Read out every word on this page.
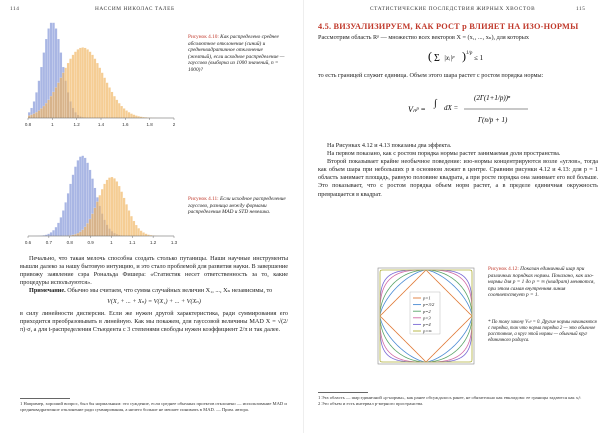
114	НАССИМ НИКОЛАС ТАЛЕБ
0.8	1	1.2	1.4	1.6	1.8	2
0.6	0.7	0.8	0.9	1	1.1	1.2	1.3
Рисунок 4.10: Как распределено среднее абсолютное отклонение (синий) и среднеквадратичное отклонение (желтый), если исходное распределение — гауссово (выборка из 1000 значений, n = 1000)?
Рисунок 4.11: Если исходное распределение гауссово, разница между формами распределения MAD и STD невелика.

Печально, что такая мелочь способна создать столько путаницы. Наши научные инструменты вышли далеко за нашу бытовую интуицию, и это стало проблемой для развития науки. В завершение привожу заявление сэра Рональда Фишера: «Статистик несет ответственность за то, какие процедуры используются».

Примечание. Обычно мы считаем, что сумма случайных величин X₁, ..., Xₙ независимы, то

V(X₁ + ... + Xₙ) = V(X₁) + ... + V(Xₙ)

в силу линейности дисперсии. Если же нужен другой характеристика, ради суммирования его приходится преобразовывать в линейную. Как мы покажем, для гауссовой величины MAD X = √(2/π)·σ, а для t-распределения Стьюдента с 3 степенями свободы нужен коэффициент 2/π и так далее.

1 Например, хороший вопрос, был бы нормальным: это суждение, если среднее обычных проектов отклонено — использование MAD и среднеквадратичное отклонение ради суммирования, а ничего больше не мешает понимать в MAD. — Прим. автора.
СТАТИСТИЧЕСКИЕ ПОСЛЕДСТВИЯ ЖИРНЫХ ХВОСТОВ	115
4.5. ВИЗУАЛИЗИРУЕМ, КАК РОСТ p ВЛИЯЕТ НА ИЗО-НОРМЫ

Рассмотрим область Rᵖ — множество всех векторов X = (x₁, ..., xₙ), для которых

( Σ |xᵢ|ᵖ ) 1/p
≤ 1

то есть границей служит единица. Объем этого шара растет с ростом порядка нормы:

Vₙᵖ =
∫ dX =
(2Γ(1+1/p))ⁿ
Γ(n/p + 1)

На Рисунках 4.12 и 4.13 показаны два эффекта.

На первом показано, как с ростом порядка нормы растет занимаемая доля пространства.

Второй показывает крайне необычное поведение: изо-нормы концентрируются возле «углов», тогда как объем шара при небольших p в основном лежит в центре. Сравним рисунки 4.12 и 4.13: для p = 1 область занимает площадь, равную половине квадрата, а при росте порядка она занимает его всё больше. Это показывает, что с ростом порядка объем норм растет, а в пределе единичная окружность превращается в квадрат.

p=1
p=3/2
p=2
p=3
p=4
p=∞
Рисунок 4.12: Показан единичный шар при различных порядках нормы. Показано, как изо-нормы для p = 1 до p = ∞ (квадрат) меняются, при этом самая внутренняя линия соответствует p = 1.
* По тому закону Vₙᵖ = 0. Другие нормы начинаются с порядка, так что норма порядка 2 — это обычное расстояние, а круг этой нормы — обычный круг единичного радиуса.
1 Эта область — шар единичной «p-нормы», как ранее обсуждалось ранее, не обязательно как евклидова: ее границы задаются как xᵢᵖ.
2 Это объем и есть интервал p-мерного пространства.
